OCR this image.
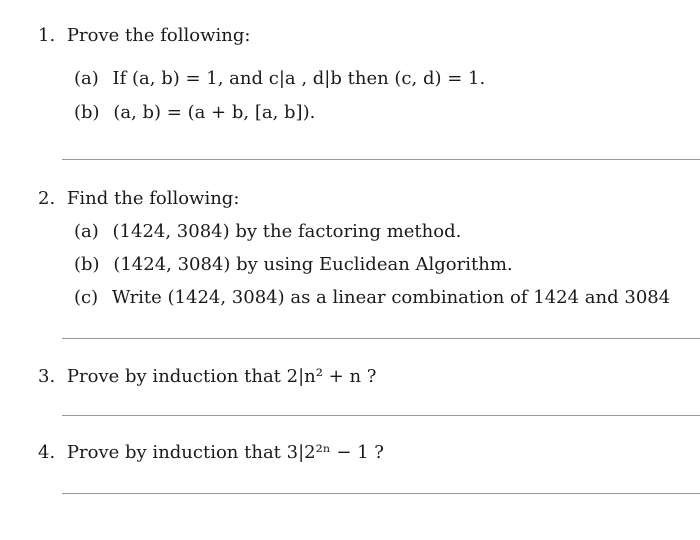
1. Prove the following:
(a) If (a, b) = 1, and c|a , d|b then (c, d) = 1.
(b) (a, b) = (a + b, [a, b]).
2. Find the following:
(a) (1424, 3084) by the factoring method.
(b) (1424, 3084) by using Euclidean Algorithm.
(c) Write (1424, 3084) as a linear combination of 1424 and 3084
3. Prove by induction that 2|n² + n ?
4. Prove by induction that 3|2²ⁿ − 1 ?
